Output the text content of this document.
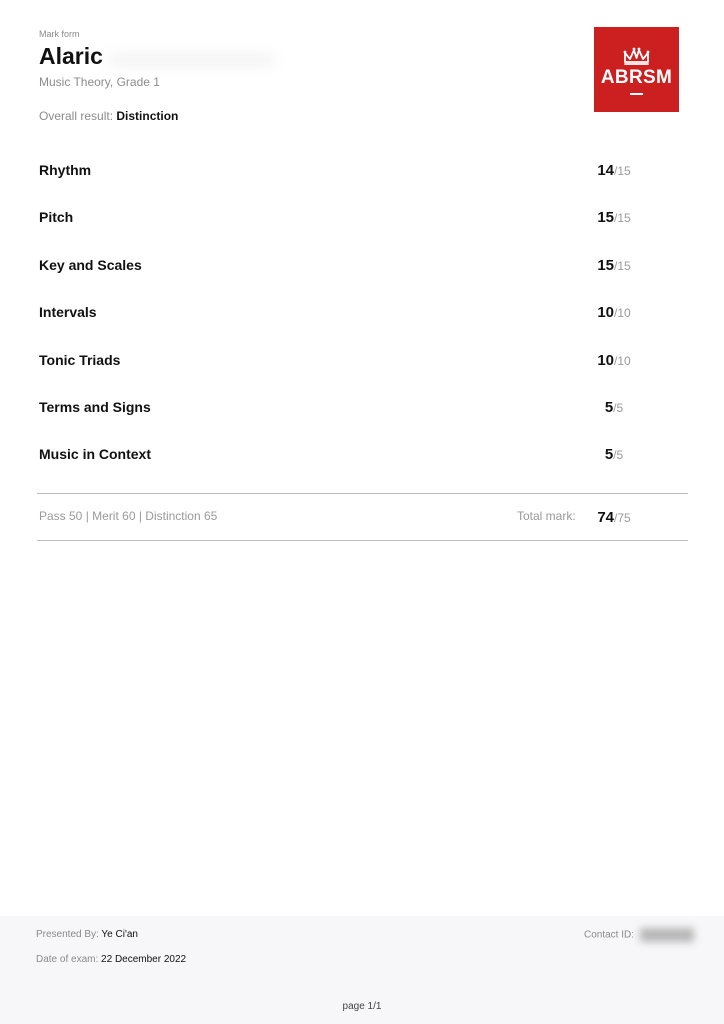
Mark form

Alaric
Music Theory, Grade 1
Overall result: Distinction
ABRSM
Rhythm	14/15
Pitch	15/15
Key and Scales	15/15
Intervals	10/10
Tonic Triads	10/10
Terms and Signs	5/5
Music in Context	5/5
Pass 50 | Merit 60 | Distinction 65	Total mark:	74/75
Presented By: Ye Ci'an
Date of exam: 22 December 2022
Contact ID:
page 1/1
